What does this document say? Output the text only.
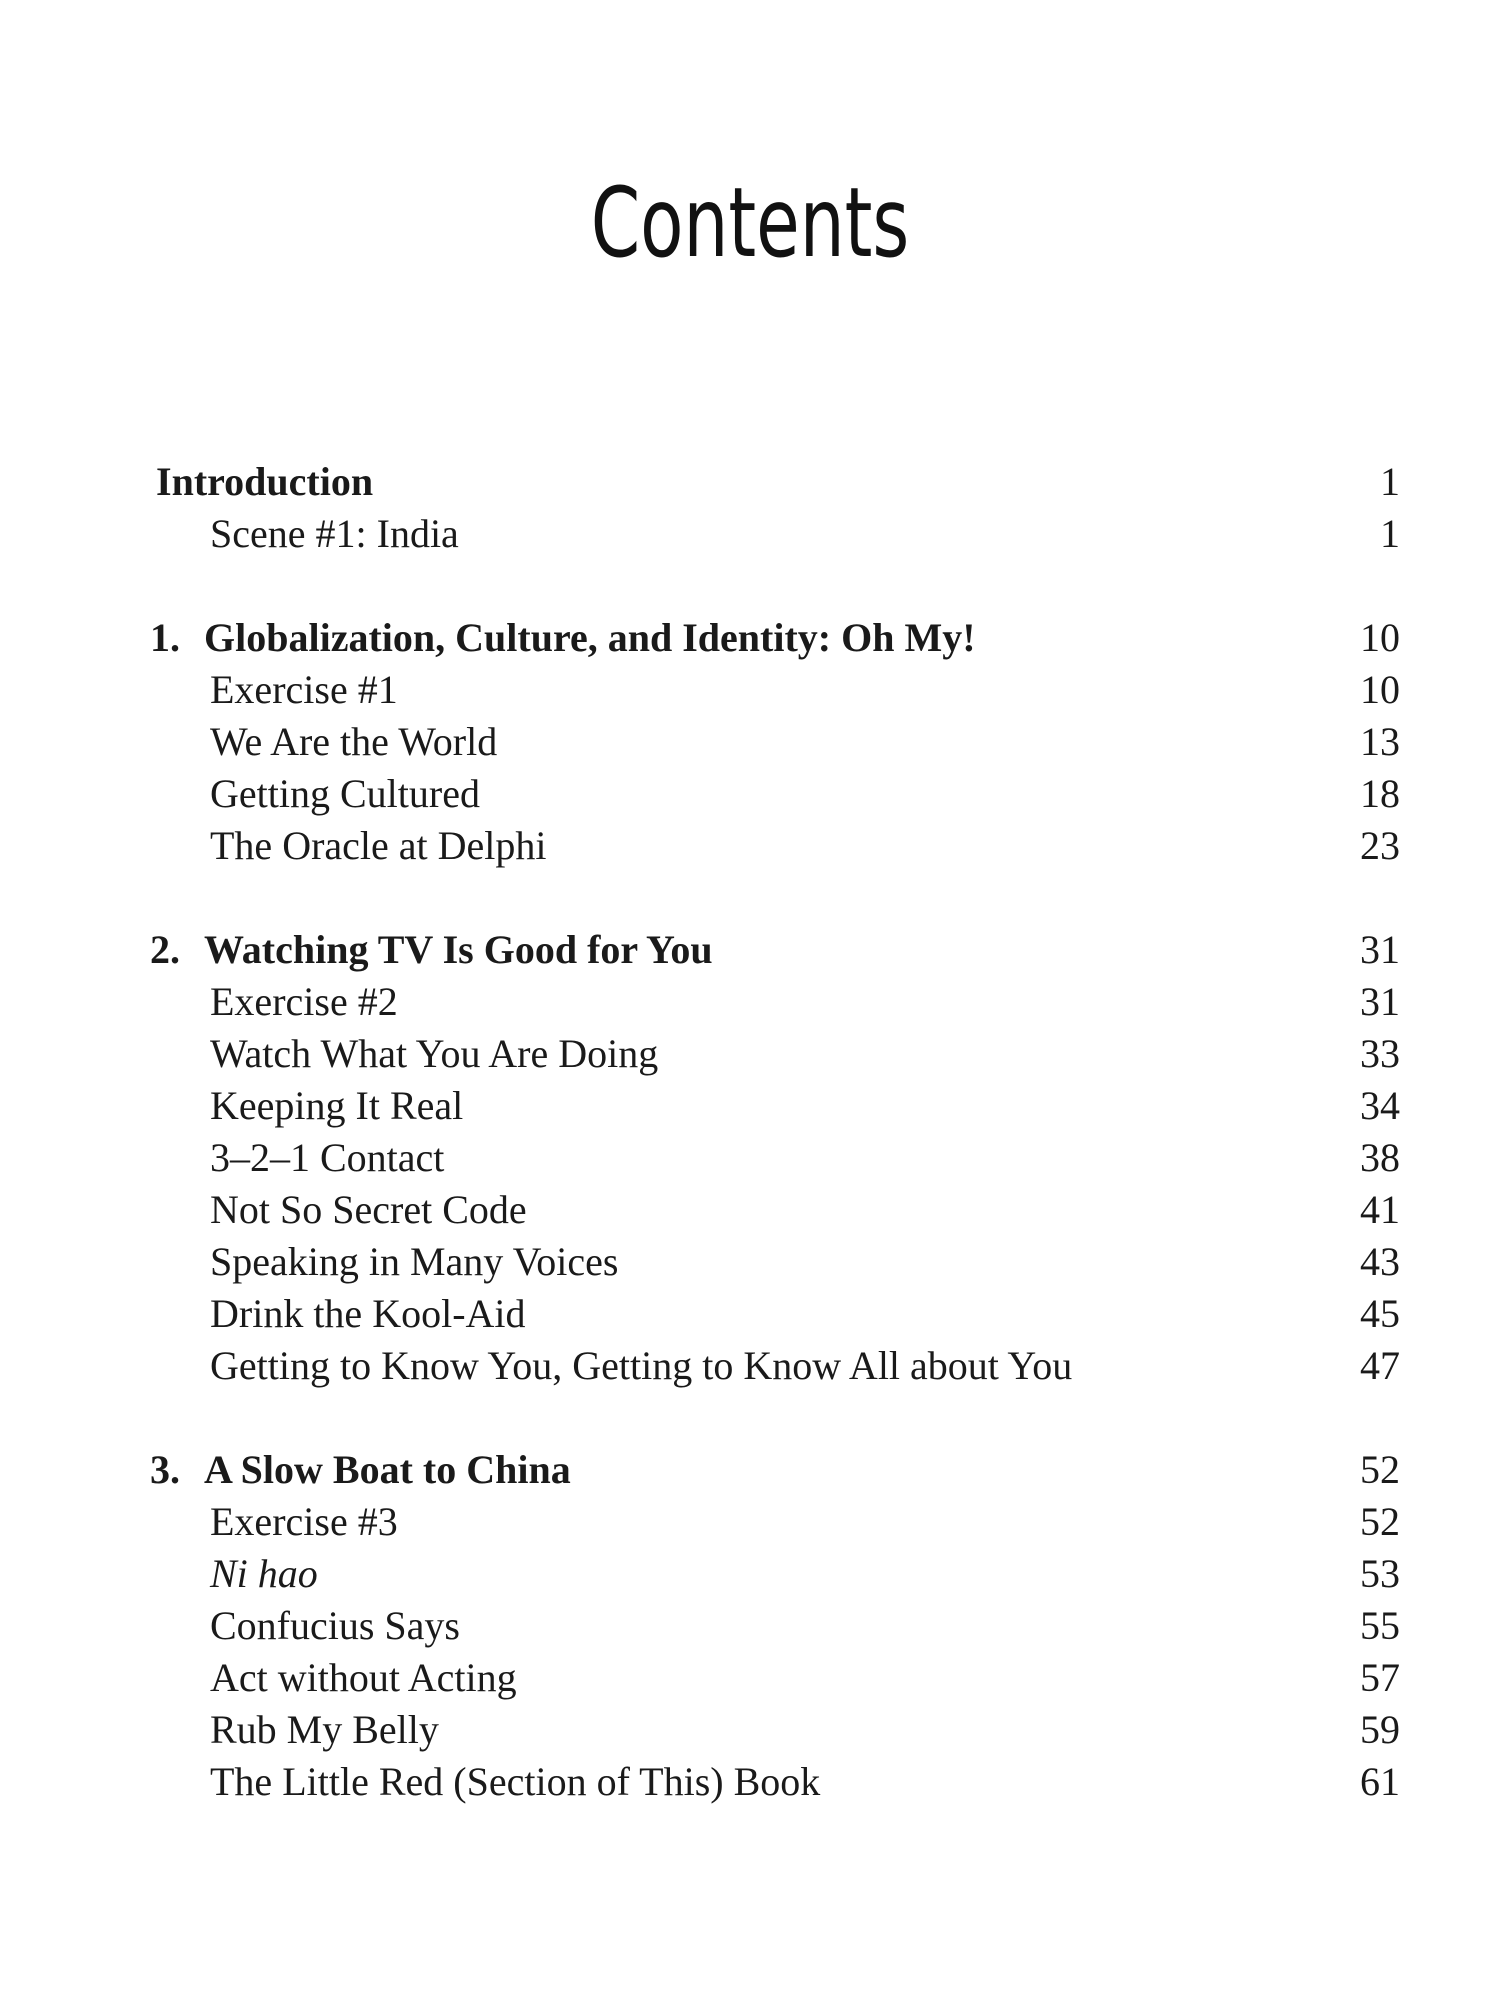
Contents
Introduction	1
Scene #1: India	1
1. Globalization, Culture, and Identity: Oh My!	10
Exercise #1	10
We Are the World	13
Getting Cultured	18
The Oracle at Delphi	23
2. Watching TV Is Good for You	31
Exercise #2	31
Watch What You Are Doing	33
Keeping It Real	34
3–2–1 Contact	38
Not So Secret Code	41
Speaking in Many Voices	43
Drink the Kool-Aid	45
Getting to Know You, Getting to Know All about You	47
3. A Slow Boat to China	52
Exercise #3	52
Ni hao	53
Confucius Says	55
Act without Acting	57
Rub My Belly	59
The Little Red (Section of This) Book	61
